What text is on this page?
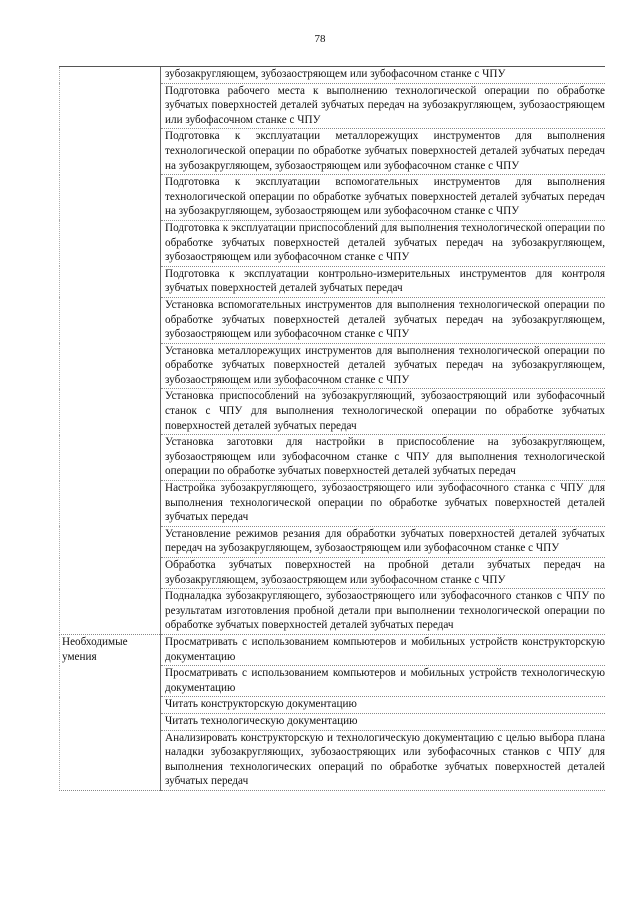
78
	зубозакругляющем, зубозаостряющем или зубофасочном станке с ЧПУ
	Подготовка рабочего места к выполнению технологической операции по обработке зубчатых поверхностей деталей зубчатых передач на зубозакругляющем, зубозаостряющем или зубофасочном станке с ЧПУ
	Подготовка к эксплуатации металлорежущих инструментов для выполнения технологической операции по обработке зубчатых поверхностей деталей зубчатых передач на зубозакругляющем, зубозаостряющем или зубофасочном станке с ЧПУ
	Подготовка к эксплуатации вспомогательных инструментов для выполнения технологической операции по обработке зубчатых поверхностей деталей зубчатых передач на зубозакругляющем, зубозаостряющем или зубофасочном станке с ЧПУ
	Подготовка к эксплуатации приспособлений для выполнения технологической операции по обработке зубчатых поверхностей деталей зубчатых передач на зубозакругляющем, зубозаостряющем или зубофасочном станке с ЧПУ
	Подготовка к эксплуатации контрольно-измерительных инструментов для контроля зубчатых поверхностей деталей зубчатых передач
	Установка вспомогательных инструментов для выполнения технологической операции по обработке зубчатых поверхностей деталей зубчатых передач на зубозакругляющем, зубозаостряющем или зубофасочном станке с ЧПУ
	Установка металлорежущих инструментов для выполнения технологической операции по обработке зубчатых поверхностей деталей зубчатых передач на зубозакругляющем, зубозаостряющем или зубофасочном станке с ЧПУ
	Установка приспособлений на зубозакругляющий, зубозаостряющий или зубофасочный станок с ЧПУ для выполнения технологической операции по обработке зубчатых поверхностей деталей зубчатых передач
	Установка заготовки для настройки в приспособление на зубозакругляющем, зубозаостряющем или зубофасочном станке с ЧПУ для выполнения технологической операции по обработке зубчатых поверхностей деталей зубчатых передач
	Настройка зубозакругляющего, зубозаостряющего или зубофасочного станка с ЧПУ для выполнения технологической операции по обработке зубчатых поверхностей деталей зубчатых передач
	Установление режимов резания для обработки зубчатых поверхностей деталей зубчатых передач на зубозакругляющем, зубозаостряющем или зубофасочном станке с ЧПУ
	Обработка зубчатых поверхностей на пробной детали зубчатых передач на зубозакругляющем, зубозаостряющем или зубофасочном станке с ЧПУ
	Подналадка зубозакругляющего, зубозаостряющего или зубофасочного станков с ЧПУ по результатам изготовления пробной детали при выполнении технологической операции по обработке зубчатых поверхностей деталей зубчатых передач
Необходимые умения	Просматривать с использованием компьютеров и мобильных устройств конструкторскую документацию
	Просматривать с использованием компьютеров и мобильных устройств технологическую документацию
	Читать конструкторскую документацию
	Читать технологическую документацию
	Анализировать конструкторскую и технологическую документацию с целью выбора плана наладки зубозакругляющих, зубозаостряющих или зубофасочных станков с ЧПУ для выполнения технологических операций по обработке зубчатых поверхностей деталей зубчатых передач
